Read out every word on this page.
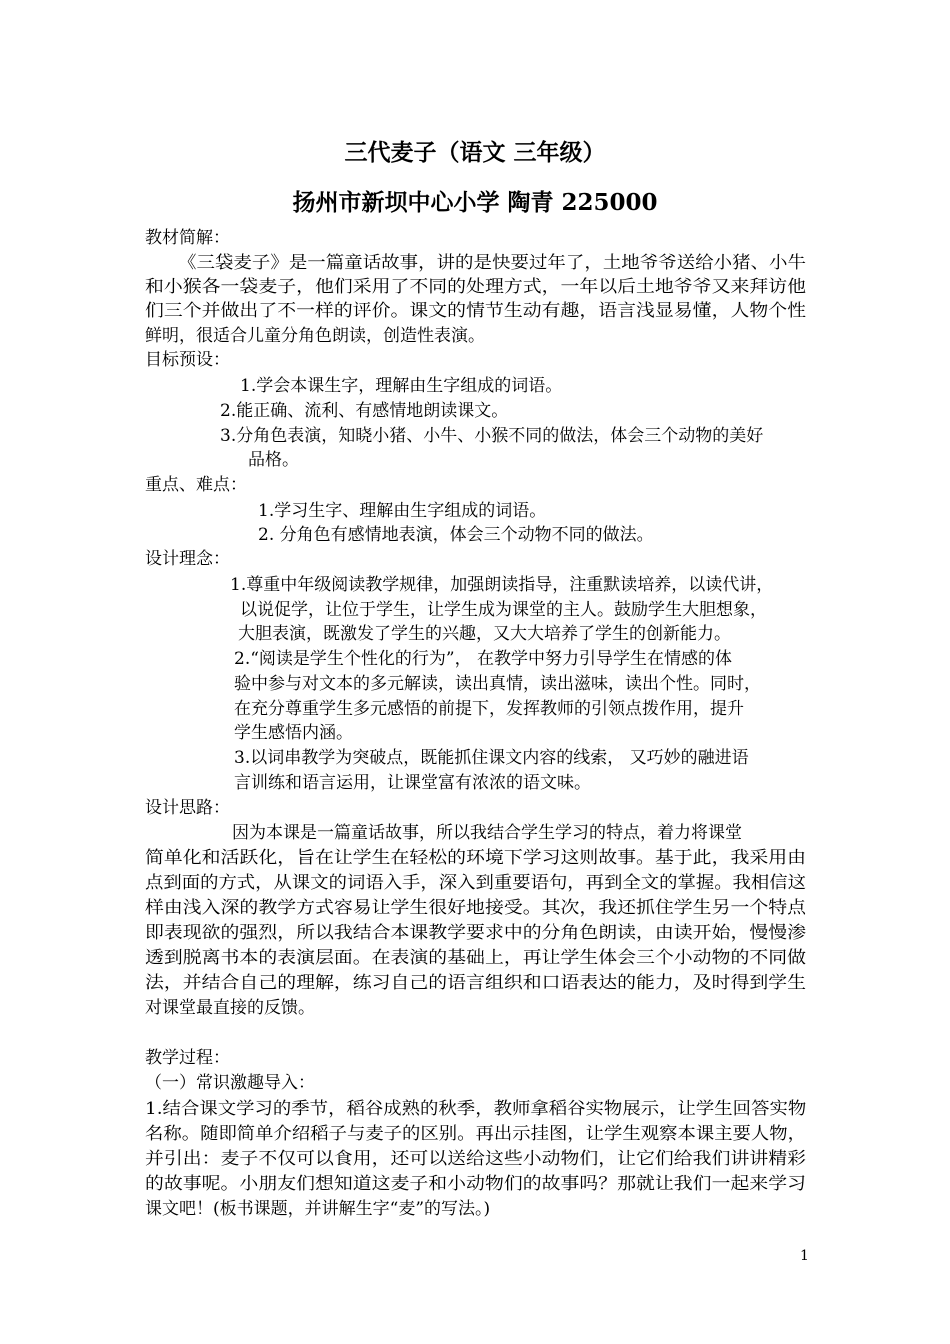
三代麦子（语文 三年级）
扬州市新坝中心小学 陶青 225000
教材简解：
《三袋麦子》是一篇童话故事，讲的是快要过年了，土地爷爷送给小猪、小牛
和小猴各一袋麦子，他们采用了不同的处理方式，一年以后土地爷爷又来拜访他
们三个并做出了不一样的评价。课文的情节生动有趣，语言浅显易懂，人物个性
鲜明，很适合儿童分角色朗读，创造性表演。
目标预设：
1.学会本课生字，理解由生字组成的词语。
2.能正确、流利、有感情地朗读课文。
3.分角色表演，知晓小猪、小牛、小猴不同的做法，体会三个动物的美好
品格。
重点、难点：
1.学习生字、理解由生字组成的词语。
2. 分角色有感情地表演，体会三个动物不同的做法。
设计理念：
1.尊重中年级阅读教学规律，加强朗读指导，注重默读培养，以读代讲，
以说促学，让位于学生，让学生成为课堂的主人。鼓励学生大胆想象，
大胆表演，既激发了学生的兴趣，又大大培养了学生的创新能力。
2.“阅读是学生个性化的行为”， 在教学中努力引导学生在情感的体
验中参与对文本的多元解读，读出真情，读出滋味，读出个性。同时，
在充分尊重学生多元感悟的前提下，发挥教师的引领点拨作用，提升
学生感悟内涵。
3.以词串教学为突破点，既能抓住课文内容的线索， 又巧妙的融进语
言训练和语言运用，让课堂富有浓浓的语文味。
设计思路：
因为本课是一篇童话故事，所以我结合学生学习的特点，着力将课堂
简单化和活跃化，旨在让学生在轻松的环境下学习这则故事。基于此，我采用由
点到面的方式，从课文的词语入手，深入到重要语句，再到全文的掌握。我相信这
样由浅入深的教学方式容易让学生很好地接受。其次，我还抓住学生另一个特点
即表现欲的强烈，所以我结合本课教学要求中的分角色朗读，由读开始，慢慢渗
透到脱离书本的表演层面。在表演的基础上，再让学生体会三个小动物的不同做
法，并结合自己的理解，练习自己的语言组织和口语表达的能力，及时得到学生
对课堂最直接的反馈。
教学过程：
（一）常识激趣导入：
1.结合课文学习的季节，稻谷成熟的秋季，教师拿稻谷实物展示，让学生回答实物
名称。随即简单介绍稻子与麦子的区别。再出示挂图，让学生观察本课主要人物，
并引出：麦子不仅可以食用，还可以送给这些小动物们，让它们给我们讲讲精彩
的故事呢。小朋友们想知道这麦子和小动物们的故事吗？那就让我们一起来学习
课文吧！(板书课题，并讲解生字“麦”的写法。)
1
